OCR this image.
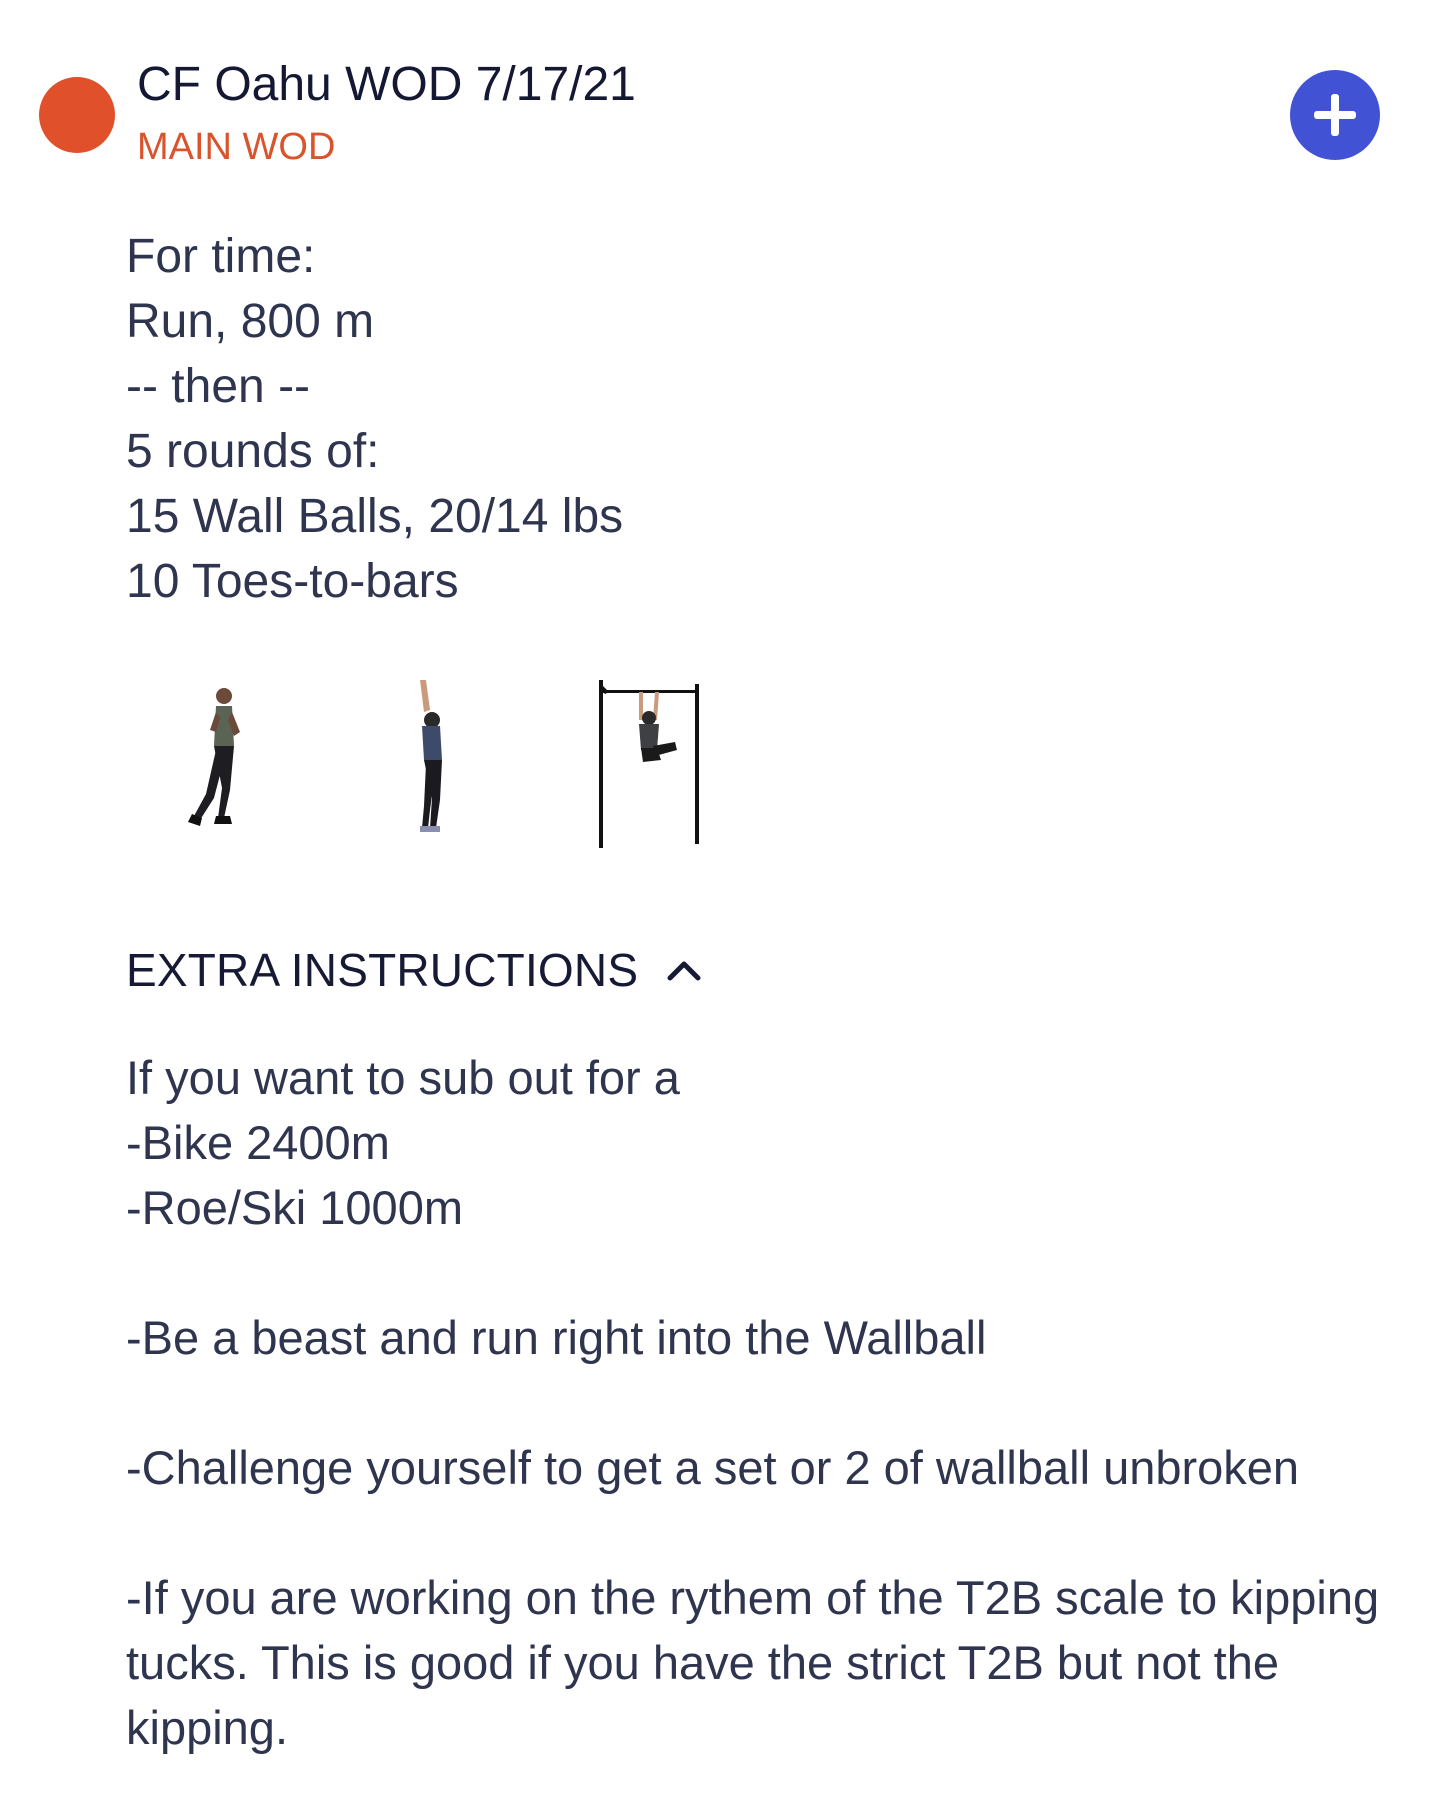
CF Oahu WOD 7/17/21
MAIN WOD
For time:
Run, 800 m
-- then --
5 rounds of:
15 Wall Balls, 20/14 lbs
10 Toes-to-bars
EXTRA INSTRUCTIONS
If you want to sub out for a
-Bike 2400m
-Roe/Ski 1000m
-Be a beast and run right into the Wallball
-Challenge yourself to get a set or 2 of wallball unbroken
-If you are working on the rythem of the T2B scale to kipping tucks. This is good if you have the strict T2B but not the kipping.
